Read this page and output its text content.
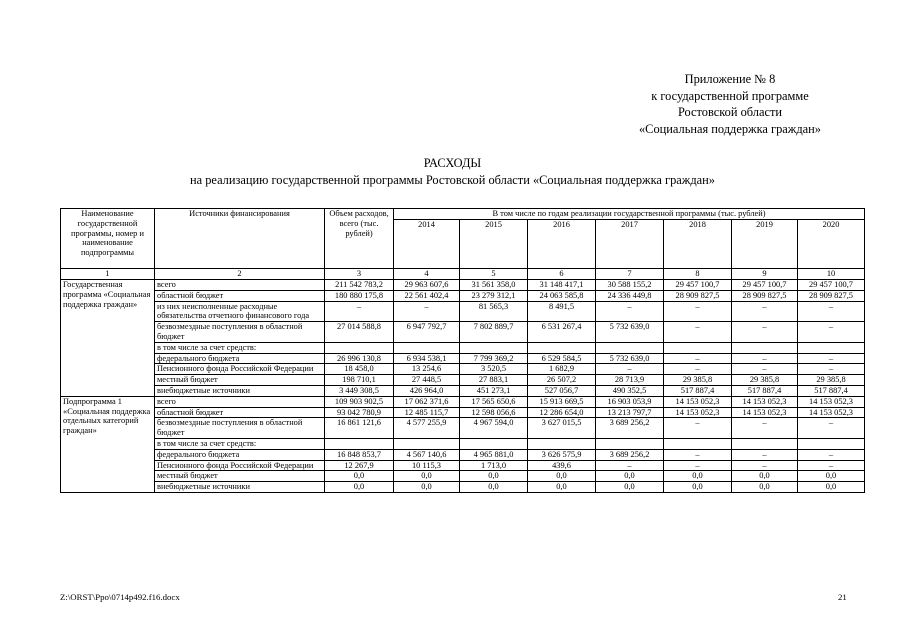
Приложение № 8
к государственной программе
Ростовской области
«Социальная поддержка граждан»
РАСХОДЫ
на реализацию государственной программы Ростовской области «Социальная поддержка граждан»
Наименование государственной программы, номер и наименование подпрограммы	Источники финансирования	Объем расходов, всего (тыс. рублей)	В том числе по годам реализации государственной программы (тыс. рублей)						
			2014	2015	2016	2017	2018	2019	2020
1	2	3	4	5	6	7	8	9	10
Государственная программа «Социальная поддержка граждан»	всего	211 542 783,2	29 963 607,6	31 561 358,0	31 148 417,1	30 588 155,2	29 457 100,7	29 457 100,7	29 457 100,7
	областной бюджет	180 880 175,8	22 561 402,4	23 279 312,1	24 063 585,8	24 336 449,8	28 909 827,5	28 909 827,5	28 909 827,5
	из них неисполненные расходные обязательства отчетного финансового года	–	–	81 565,3	8 491,5	–	–	–	–
	безвозмездные поступления в областной бюджет	27 014 588,8	6 947 792,7	7 802 889,7	6 531 267,4	5 732 639,0	–	–	–
	в том числе за счет средств:								
	федерального бюджета	26 996 130,8	6 934 538,1	7 799 369,2	6 529 584,5	5 732 639,0	–	–	–
	Пенсионного фонда Российской Федерации	18 458,0	13 254,6	3 520,5	1 682,9	–	–	–	–
	местный бюджет	198 710,1	27 448,5	27 883,1	26 507,2	28 713,9	29 385,8	29 385,8	29 385,8
	внебюджетные источники	3 449 308,5	426 964,0	451 273,1	527 056,7	490 352,5	517 887,4	517 887,4	517 887,4
Подпрограмма 1 «Социальная поддержка отдельных категорий граждан»	всего	109 903 902,5	17 062 371,6	17 565 650,6	15 913 669,5	16 903 053,9	14 153 052,3	14 153 052,3	14 153 052,3
	областной бюджет	93 042 780,9	12 485 115,7	12 598 056,6	12 286 654,0	13 213 797,7	14 153 052,3	14 153 052,3	14 153 052,3
	безвозмездные поступления в областной бюджет	16 861 121,6	4 577 255,9	4 967 594,0	3 627 015,5	3 689 256,2	–	–	–
	в том числе за счет средств:								
	федерального бюджета	16 848 853,7	4 567 140,6	4 965 881,0	3 626 575,9	3 689 256,2	–	–	–
	Пенсионного фонда Российской Федерации	12 267,9	10 115,3	1 713,0	439,6	–	–	–	–
	местный бюджет	0,0	0,0	0,0	0,0	0,0	0,0	0,0	0,0
	внебюджетные источники	0,0	0,0	0,0	0,0	0,0	0,0	0,0	0,0
Z:\ORST\Ppo\0714p492.f16.docx	21
